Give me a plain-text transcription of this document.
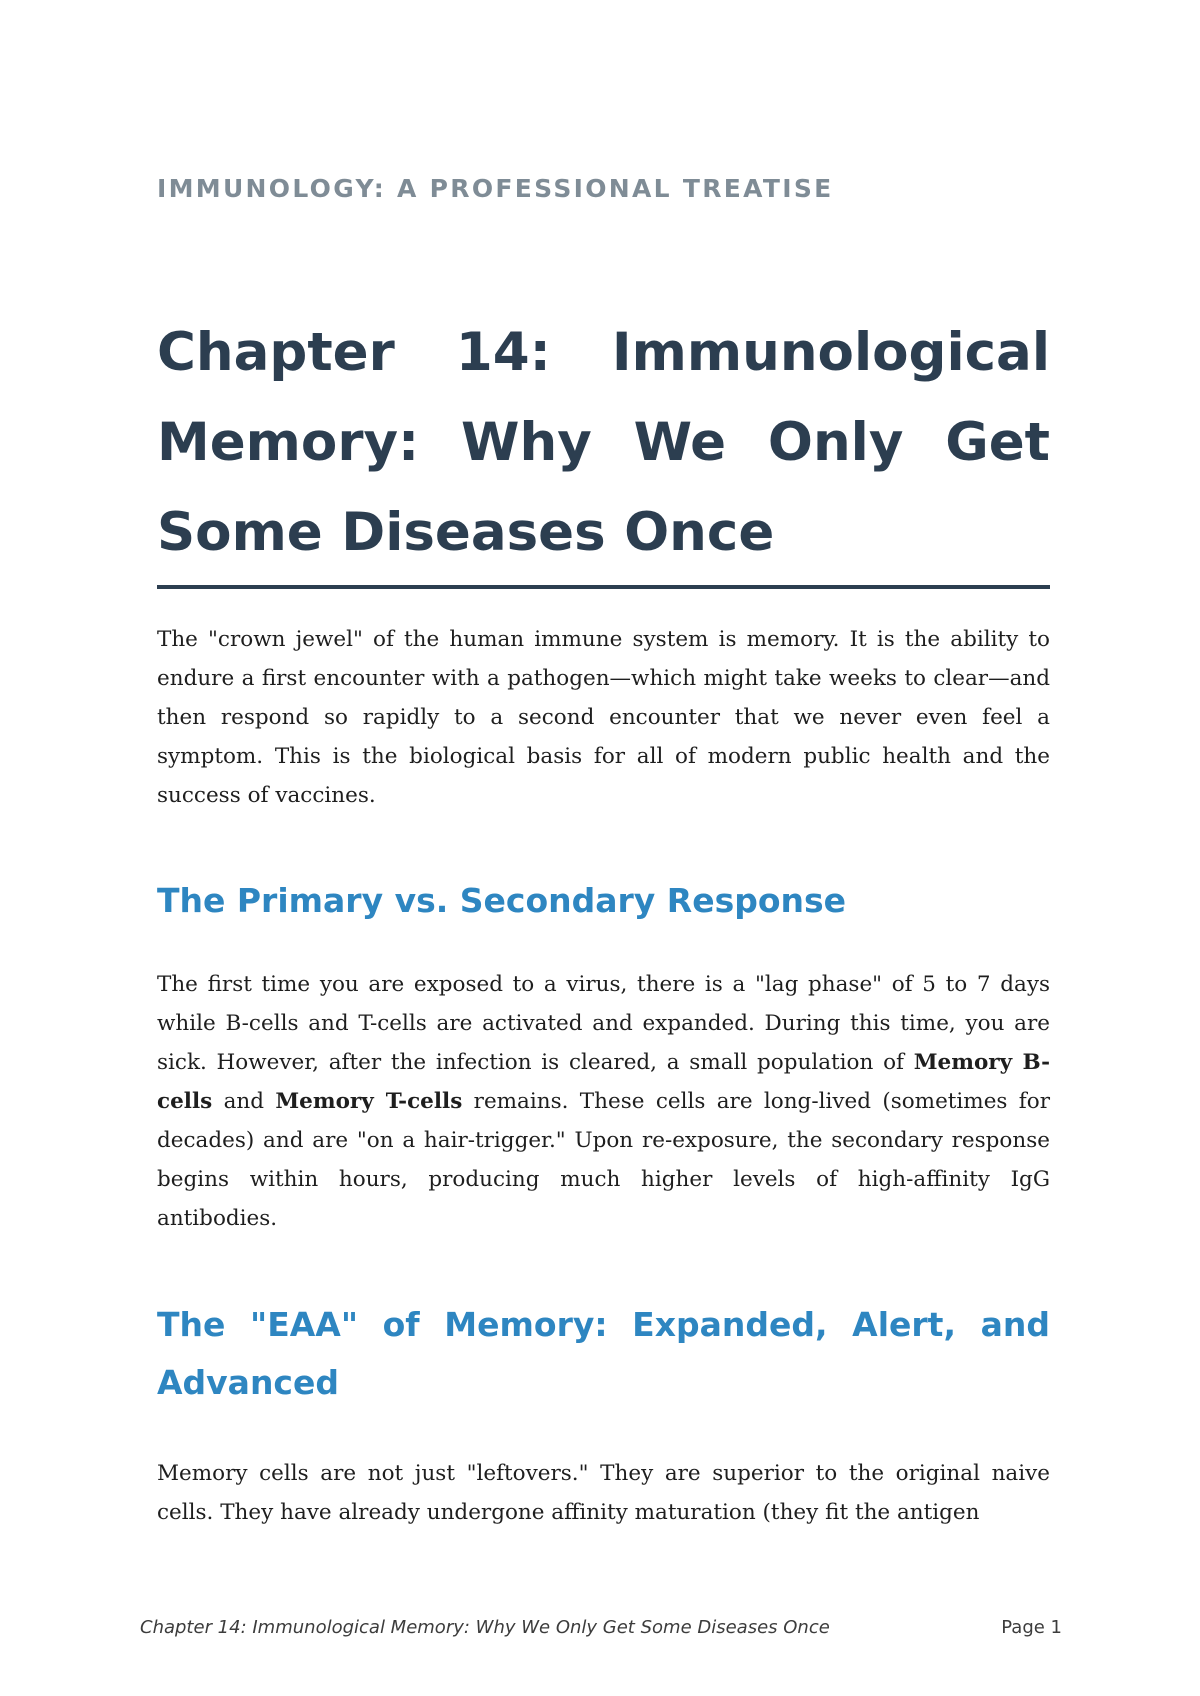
IMMUNOLOGY: A PROFESSIONAL TREATISE
Chapter 14: Immunological Memory: Why We Only Get Some Diseases Once

The "crown jewel" of the human immune system is memory. It is the ability to endure a first encounter with a pathogen—which might take weeks to clear—and then respond so rapidly to a second encounter that we never even feel a symptom. This is the biological basis for all of modern public health and the success of vaccines.

The Primary vs. Secondary Response

The first time you are exposed to a virus, there is a "lag phase" of 5 to 7 days while B-cells and T-cells are activated and expanded. During this time, you are sick. However, after the infection is cleared, a small population of Memory B-cells and Memory T-cells remains. These cells are long-lived (sometimes for decades) and are "on a hair-trigger." Upon re-exposure, the secondary response begins within hours, producing much higher levels of high-affinity IgG antibodies.

The "EAA" of Memory: Expanded, Alert, and Advanced

Memory cells are not just "leftovers." They are superior to the original naive cells. They have already undergone affinity maturation (they fit the antigen

Chapter 14: Immunological Memory: Why We Only Get Some Diseases Once	Page 1
